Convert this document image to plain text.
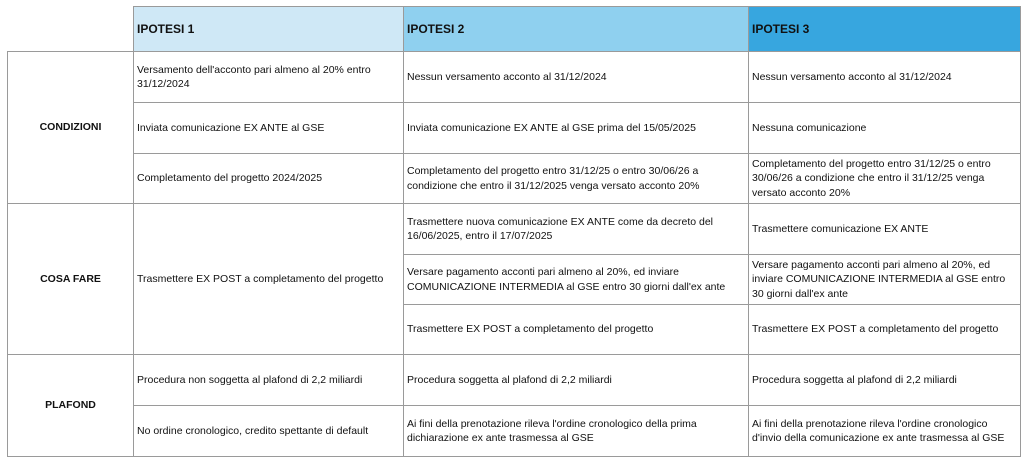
	IPOTESI 1	IPOTESI 2	IPOTESI 3
CONDIZIONI	Versamento dell'acconto pari almeno al 20% entro 31/12/2024	Nessun versamento acconto al 31/12/2024	Nessun versamento acconto al 31/12/2024
	Inviata comunicazione EX ANTE al GSE	Inviata comunicazione EX ANTE al GSE prima del 15/05/2025	Nessuna comunicazione
	Completamento del progetto 2024/2025	Completamento del progetto entro 31/12/25 o entro 30/06/26 a condizione che entro il 31/12/2025 venga versato acconto 20%	Completamento del progetto entro 31/12/25 o entro 30/06/26 a condizione che entro il 31/12/25 venga versato acconto 20%
COSA FARE	Trasmettere EX POST a completamento del progetto	Trasmettere nuova comunicazione EX ANTE come da decreto del 16/06/2025, entro il 17/07/2025	Trasmettere comunicazione EX ANTE
		Versare pagamento acconti pari almeno al 20%, ed inviare COMUNICAZIONE INTERMEDIA al GSE entro 30 giorni dall'ex ante	Versare pagamento acconti pari almeno al 20%, ed inviare COMUNICAZIONE INTERMEDIA al GSE entro 30 giorni dall'ex ante
		Trasmettere EX POST a completamento del progetto	Trasmettere EX POST a completamento del progetto
PLAFOND	Procedura non soggetta al plafond di 2,2 miliardi	Procedura soggetta al plafond di 2,2 miliardi	Procedura soggetta al plafond di 2,2 miliardi
	No ordine cronologico, credito spettante di default	Ai fini della prenotazione rileva l'ordine cronologico della prima dichiarazione ex ante trasmessa al GSE	Ai fini della prenotazione rileva l'ordine cronologico d'invio della comunicazione ex ante trasmessa al GSE
